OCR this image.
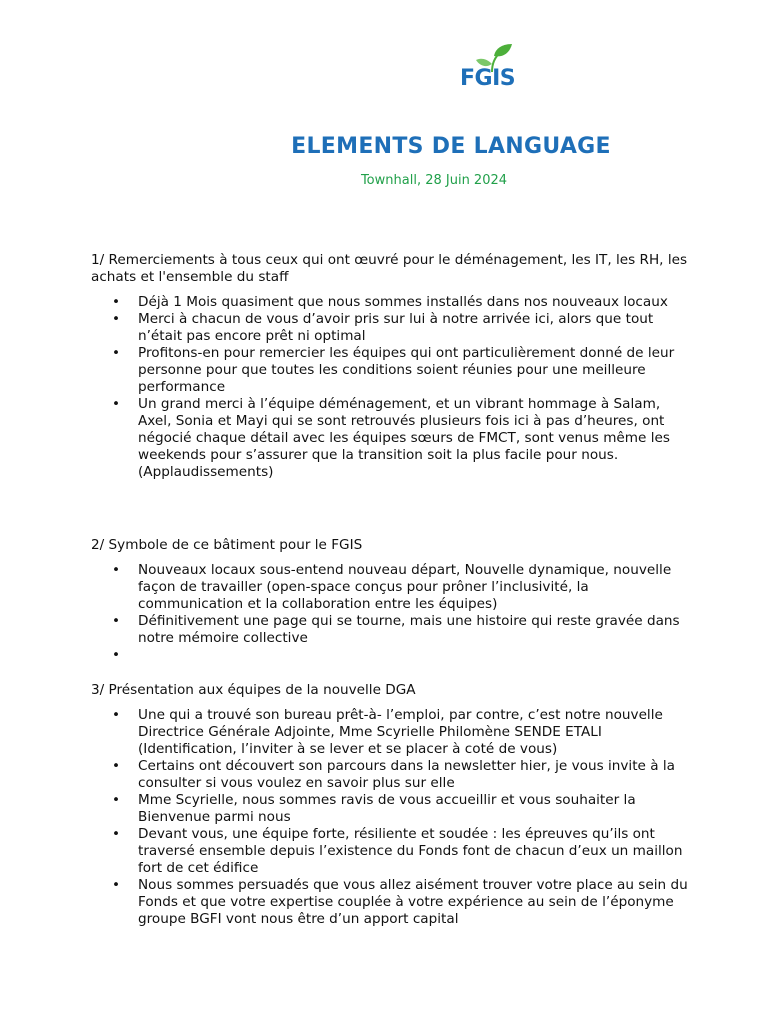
FGIS
ELEMENTS DE LANGUAGE
Townhall, 28 Juin 2024

1/ Remerciements à tous ceux qui ont œuvré pour le déménagement, les IT, les RH, les achats et l'ensemble du staff

• Déjà 1 Mois quasiment que nous sommes installés dans nos nouveaux locaux
• Merci à chacun de vous d’avoir pris sur lui à notre arrivée ici, alors que tout n’était pas encore prêt ni optimal
• Profitons-en pour remercier les équipes qui ont particulièrement donné de leur personne pour que toutes les conditions soient réunies pour une meilleure performance
• Un grand merci à l’équipe déménagement, et un vibrant hommage à Salam, Axel, Sonia et Mayi qui se sont retrouvés plusieurs fois ici à pas d’heures, ont négocié chaque détail avec les équipes sœurs de FMCT, sont venus même les weekends pour s’assurer que la transition soit la plus facile pour nous. (Applaudissements)

2/ Symbole de ce bâtiment pour le FGIS

• Nouveaux locaux sous-entend nouveau départ, Nouvelle dynamique, nouvelle façon de travailler (open-space conçus pour prôner l’inclusivité, la communication et la collaboration entre les équipes)
• Définitivement une page qui se tourne, mais une histoire qui reste gravée dans notre mémoire collective
•

3/ Présentation aux équipes de la nouvelle DGA

• Une qui a trouvé son bureau prêt-à- l’emploi, par contre, c’est notre nouvelle Directrice Générale Adjointe, Mme Scyrielle Philomène SENDE ETALI (Identification, l’inviter à se lever et se placer à coté de vous)
• Certains ont découvert son parcours dans la newsletter hier, je vous invite à la consulter si vous voulez en savoir plus sur elle
• Mme Scyrielle, nous sommes ravis de vous accueillir et vous souhaiter la Bienvenue parmi nous
• Devant vous, une équipe forte, résiliente et soudée : les épreuves qu’ils ont traversé ensemble depuis l’existence du Fonds font de chacun d’eux un maillon fort de cet édifice
• Nous sommes persuadés que vous allez aisément trouver votre place au sein du Fonds et que votre expertise couplée à votre expérience au sein de l’éponyme groupe BGFI vont nous être d’un apport capital
